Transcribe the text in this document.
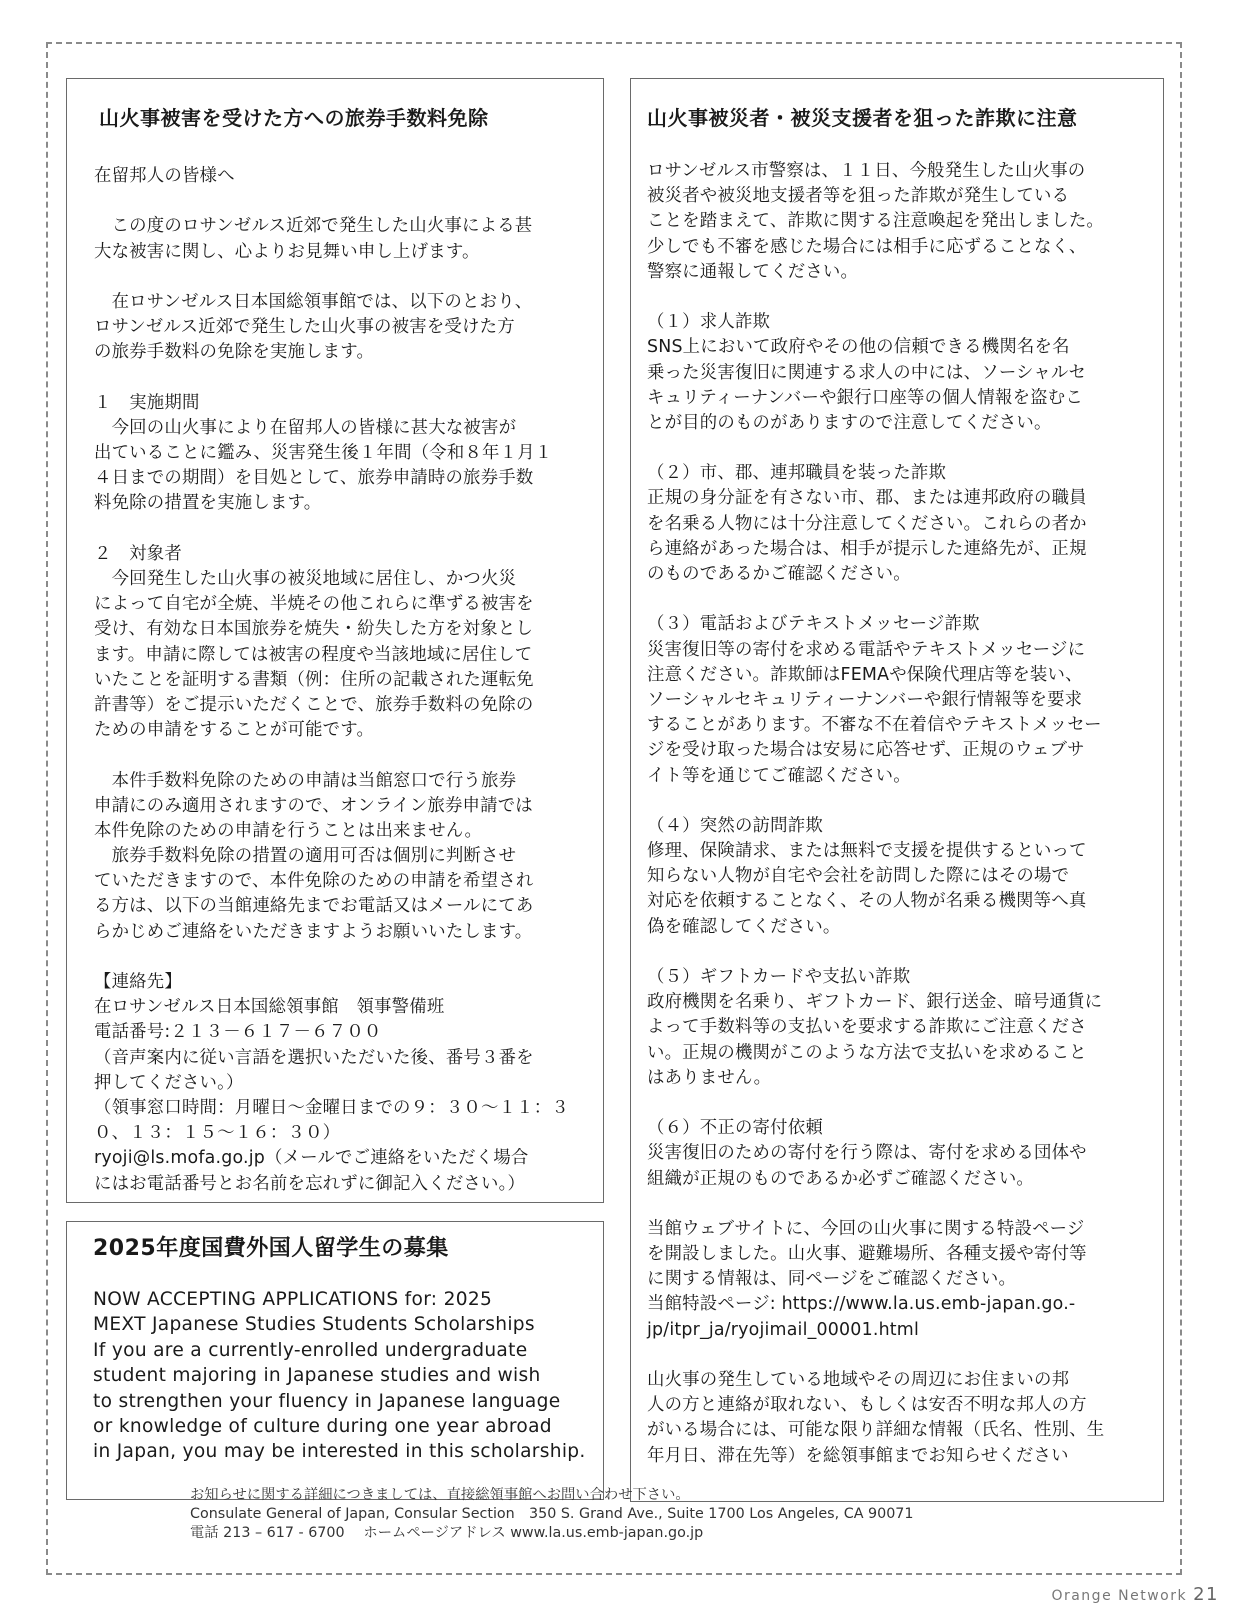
山火事被害を受けた方への旅券手数料免除
在留邦人の皆様へ
　この度のロサンゼルス近郊で発生した山火事による甚
大な被害に関し、心よりお見舞い申し上げます。
　在ロサンゼルス日本国総領事館では、以下のとおり、
ロサンゼルス近郊で発生した山火事の被害を受けた方
の旅券手数料の免除を実施します。
１　実施期間
　今回の山火事により在留邦人の皆様に甚大な被害が
出ていることに鑑み、災害発生後１年間（令和８年１月１
４日までの期間）を目処として、旅券申請時の旅券手数
料免除の措置を実施します。
２　対象者
　今回発生した山火事の被災地域に居住し、かつ火災
によって自宅が全焼、半焼その他これらに準ずる被害を
受け、有効な日本国旅券を焼失・紛失した方を対象とし
ます。申請に際しては被害の程度や当該地域に居住して
いたことを証明する書類（例：住所の記載された運転免
許書等）をご提示いただくことで、旅券手数料の免除の
ための申請をすることが可能です。
　本件手数料免除のための申請は当館窓口で行う旅券
申請にのみ適用されますので、オンライン旅券申請では
本件免除のための申請を行うことは出来ません。
　旅券手数料免除の措置の適用可否は個別に判断させ
ていただきますので、本件免除のための申請を希望され
る方は、以下の当館連絡先までお電話又はメールにてあ
らかじめご連絡をいただきますようお願いいたします。
【連絡先】
在ロサンゼルス日本国総領事館　領事警備班
電話番号:２１３－６１７－６７００
（音声案内に従い言語を選択いただいた後、番号３番を
押してください。）
（領事窓口時間：月曜日～金曜日までの９：３０～１１：３
０、１３：１５～１６：３０）
ryoji@ls.mofa.go.jp（メールでご連絡をいただく場合
にはお電話番号とお名前を忘れずに御記入ください。）
2025年度国費外国人留学生の募集
NOW ACCEPTING APPLICATIONS for: 2025
MEXT Japanese Studies Students Scholarships
If you are a currently-enrolled undergraduate
student majoring in Japanese studies and wish
to strengthen your fluency in Japanese language
or knowledge of culture during one year abroad
in Japan, you may be interested in this scholarship.
山火事被災者・被災支援者を狙った詐欺に注意
ロサンゼルス市警察は、１１日、今般発生した山火事の
被災者や被災地支援者等を狙った詐欺が発生している
ことを踏まえて、詐欺に関する注意喚起を発出しました。
少しでも不審を感じた場合には相手に応ずることなく、
警察に通報してください。
（１）求人詐欺
SNS上において政府やその他の信頼できる機関名を名
乗った災害復旧に関連する求人の中には、ソーシャルセ
キュリティーナンバーや銀行口座等の個人情報を盗むこ
とが目的のものがありますので注意してください。
（２）市、郡、連邦職員を装った詐欺
正規の身分証を有さない市、郡、または連邦政府の職員
を名乗る人物には十分注意してください。これらの者か
ら連絡があった場合は、相手が提示した連絡先が、正規
のものであるかご確認ください。
（３）電話およびテキストメッセージ詐欺
災害復旧等の寄付を求める電話やテキストメッセージに
注意ください。詐欺師はFEMAや保険代理店等を装い、
ソーシャルセキュリティーナンバーや銀行情報等を要求
することがあります。不審な不在着信やテキストメッセー
ジを受け取った場合は安易に応答せず、正規のウェブサ
イト等を通じてご確認ください。
（４）突然の訪問詐欺
修理、保険請求、または無料で支援を提供するといって
知らない人物が自宅や会社を訪問した際にはその場で
対応を依頼することなく、その人物が名乗る機関等へ真
偽を確認してください。
（５）ギフトカードや支払い詐欺
政府機関を名乗り、ギフトカード、銀行送金、暗号通貨に
よって手数料等の支払いを要求する詐欺にご注意くださ
い。正規の機関がこのような方法で支払いを求めること
はありません。
（６）不正の寄付依頼
災害復旧のための寄付を行う際は、寄付を求める団体や
組織が正規のものであるか必ずご確認ください。
当館ウェブサイトに、今回の山火事に関する特設ページ
を開設しました。山火事、避難場所、各種支援や寄付等
に関する情報は、同ページをご確認ください。
当館特設ページ: https://www.la.us.emb-japan.go.-
jp/itpr_ja/ryojimail_00001.html
山火事の発生している地域やその周辺にお住まいの邦
人の方と連絡が取れない、もしくは安否不明な邦人の方
がいる場合には、可能な限り詳細な情報（氏名、性別、生
年月日、滞在先等）を総領事館までお知らせください
お知らせに関する詳細につきましては、直接総領事館へお問い合わせ下さい。
Consulate General of Japan, Consular Section　350 S. Grand Ave., Suite 1700 Los Angeles, CA 90071
電話 213 – 617 - 6700　 ホームページアドレス www.la.us.emb-japan.go.jp
Orange Network 21
